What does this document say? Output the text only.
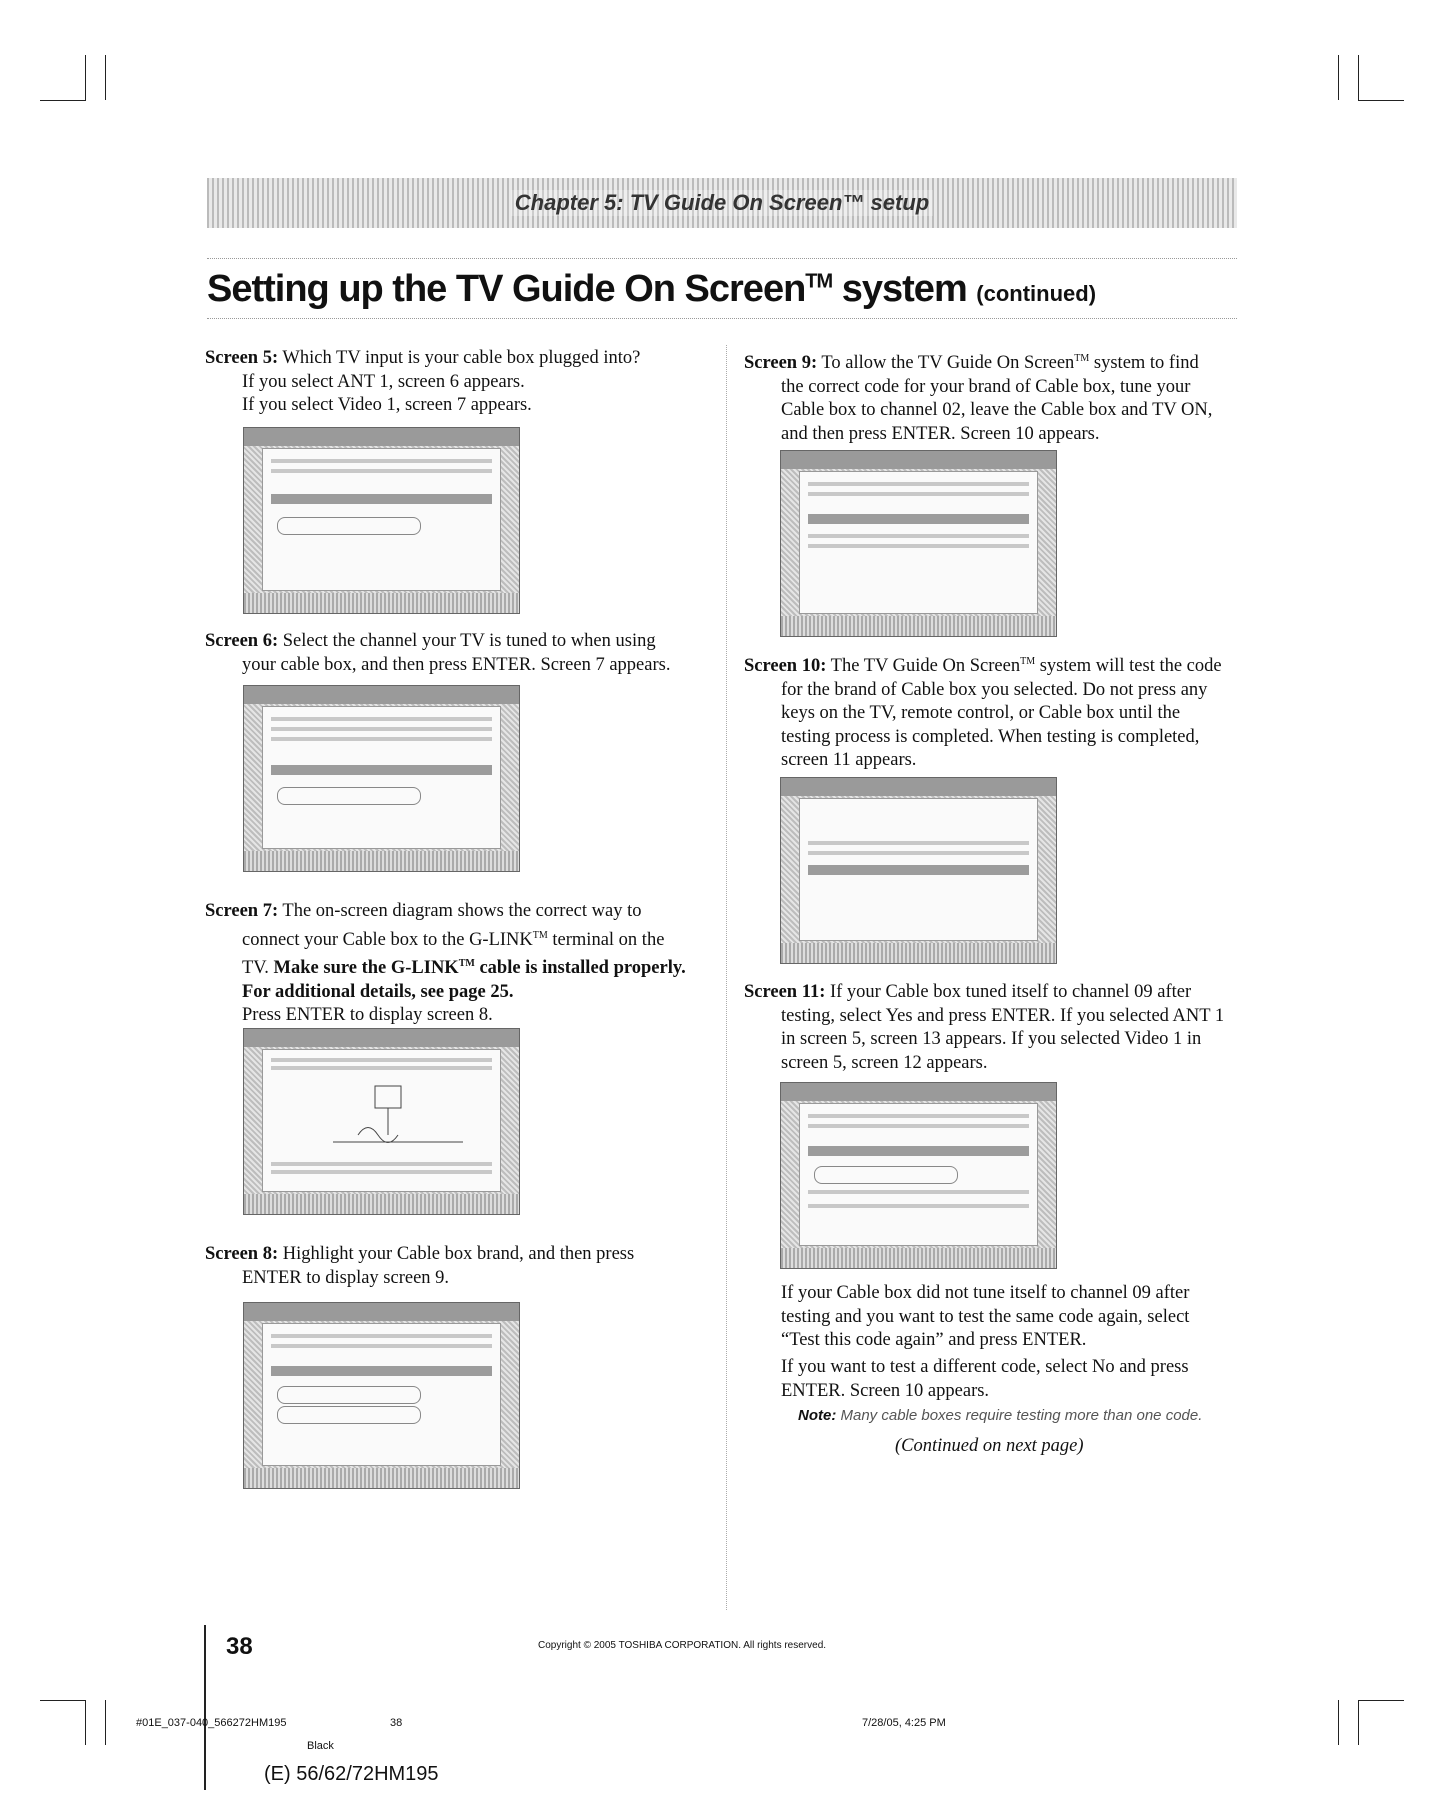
Chapter 5: TV Guide On Screen™ setup
Setting up the TV Guide On Screen™ system (continued)
Screen 5: Which TV input is your cable box plugged into?
If you select ANT 1, screen 6 appears.
If you select Video 1, screen 7 appears.
Screen 6: Select the channel your TV is tuned to when using
your cable box, and then press ENTER. Screen 7 appears.
Screen 7: The on-screen diagram shows the correct way to
connect your Cable box to the G-LINK™ terminal on the
TV. Make sure the G-LINK™ cable is installed properly.
For additional details, see page 25.
Press ENTER to display screen 8.
Screen 8: Highlight your Cable box brand, and then press
ENTER to display screen 9.
Screen 9: To allow the TV Guide On Screen™ system to find
the correct code for your brand of Cable box, tune your
Cable box to channel 02, leave the Cable box and TV ON,
and then press ENTER. Screen 10 appears.
Screen 10: The TV Guide On Screen™ system will test the code
for the brand of Cable box you selected. Do not press any
keys on the TV, remote control, or Cable box until the
testing process is completed. When testing is completed,
screen 11 appears.
Screen 11: If your Cable box tuned itself to channel 09 after
testing, select Yes and press ENTER. If you selected ANT 1
in screen 5, screen 13 appears. If you selected Video 1 in
screen 5, screen 12 appears.
If your Cable box did not tune itself to channel 09 after
testing and you want to test the same code again, select
“Test this code again” and press ENTER.
If you want to test a different code, select No and press
ENTER. Screen 10 appears.
Note: Many cable boxes require testing more than one code.
(Continued on next page)
38	Copyright © 2005 TOSHIBA CORPORATION. All rights reserved.
#01E_037-040_566272HM195	38	7/28/05, 4:25 PM
Black
(E) 56/62/72HM195
